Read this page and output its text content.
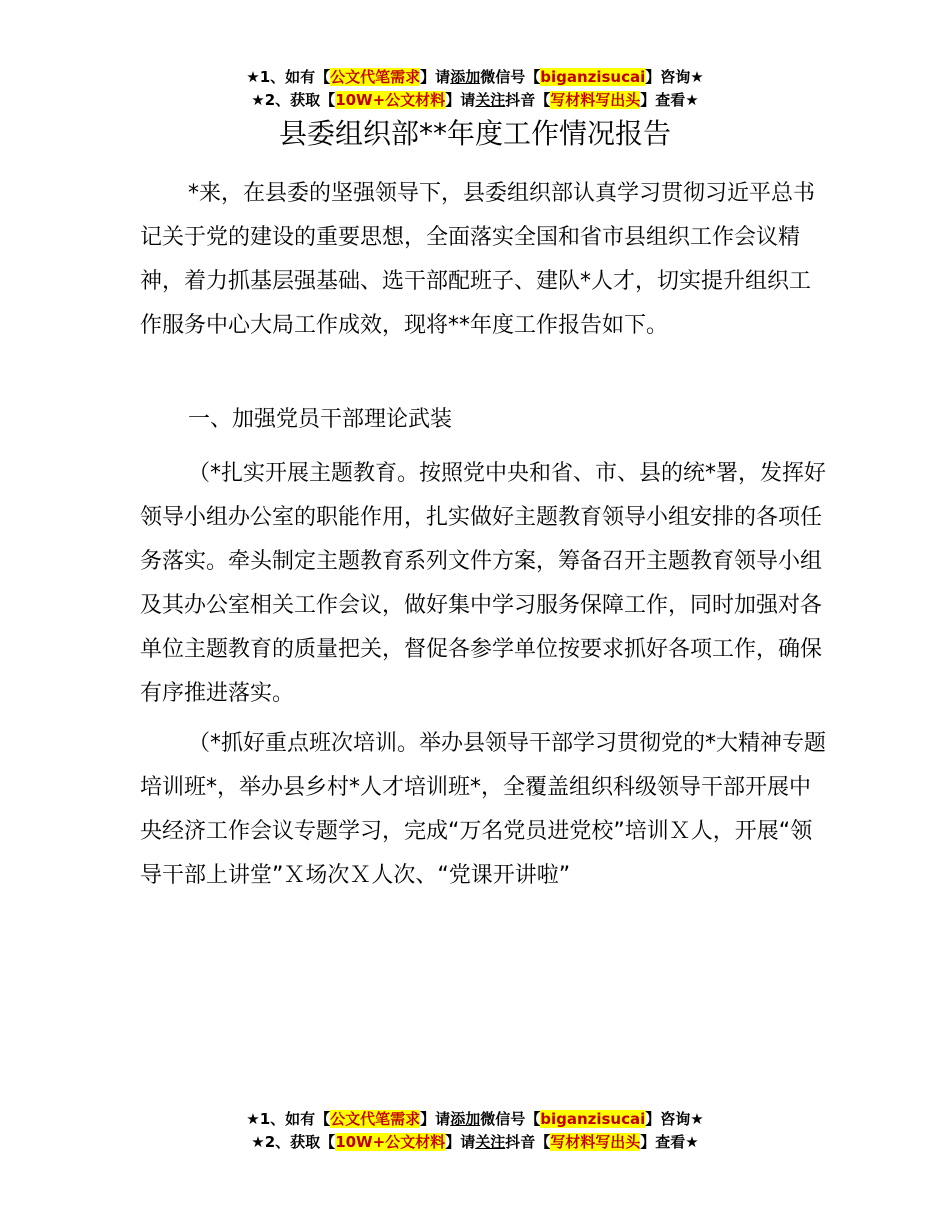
★1、如有【公文代笔需求】请添加微信号【biganzisucai】咨询★
★2、获取【10W+公文材料】请关注抖音【写材料写出头】查看★
县委组织部**年度工作情况报告

*来，在县委的坚强领导下，县委组织部认真学习贯彻习近平总书记关于党的建设的重要思想，全面落实全国和省市县组织工作会议精神，着力抓基层强基础、选干部配班子、建队*人才，切实提升组织工作服务中心大局工作成效，现将**年度工作报告如下。

一、加强党员干部理论武装

（*扎实开展主题教育。按照党中央和省、市、县的统*署，发挥好领导小组办公室的职能作用，扎实做好主题教育领导小组安排的各项任务落实。牵头制定主题教育系列文件方案，筹备召开主题教育领导小组及其办公室相关工作会议，做好集中学习服务保障工作，同时加强对各单位主题教育的质量把关，督促各参学单位按要求抓好各项工作，确保有序推进落实。

（*抓好重点班次培训。举办县领导干部学习贯彻党的*大精神专题培训班*，举办县乡村*人才培训班*，全覆盖组织科级领导干部开展中央经济工作会议专题学习，完成“万名党员进党校”培训Ｘ人，开展“领导干部上讲堂”Ｘ场次Ｘ人次、“党课开讲啦”

★1、如有【公文代笔需求】请添加微信号【biganzisucai】咨询★
★2、获取【10W+公文材料】请关注抖音【写材料写出头】查看★
